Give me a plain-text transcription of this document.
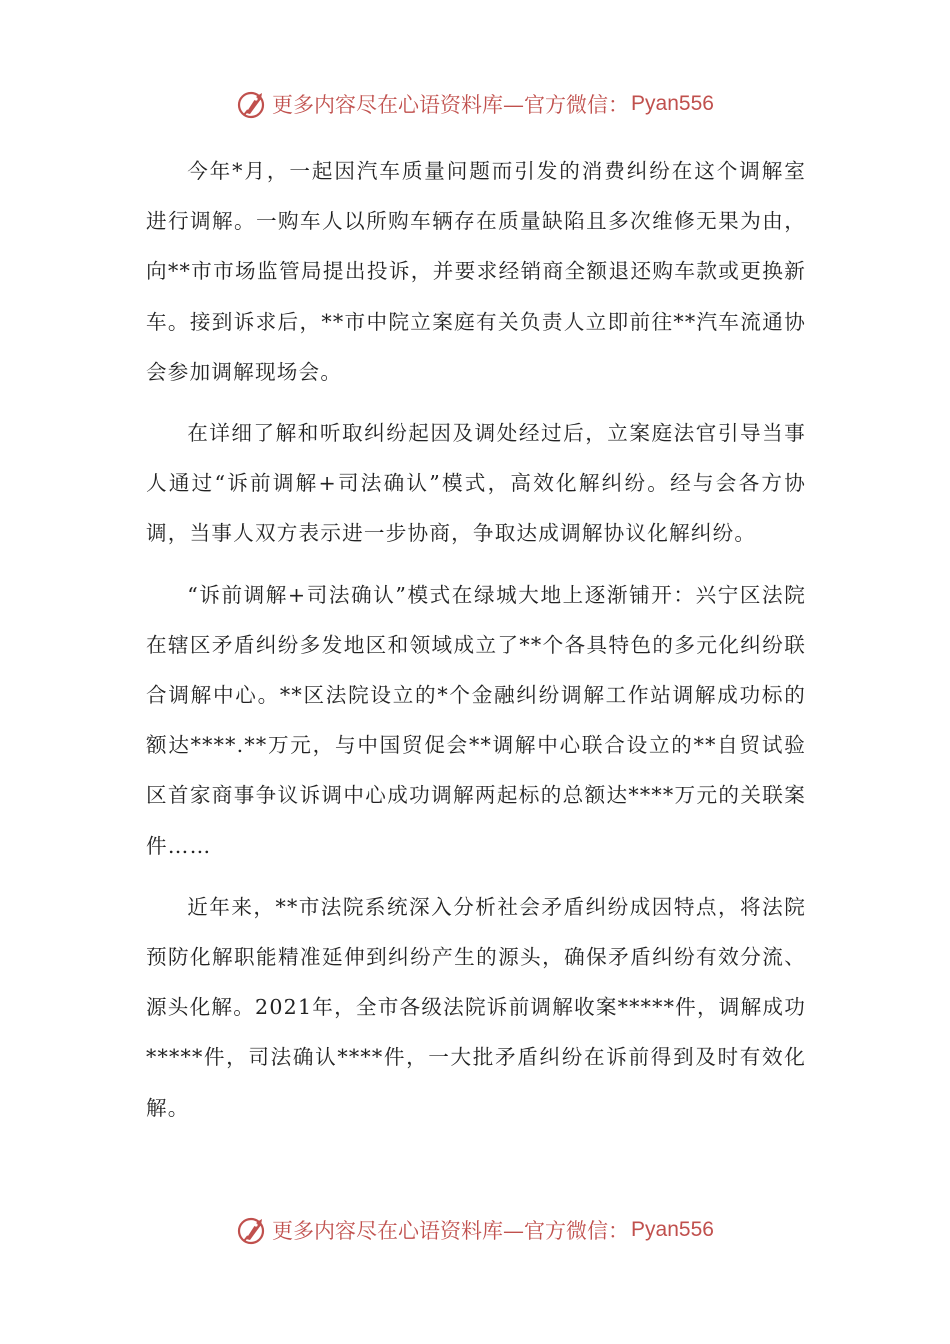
更多内容尽在心语资料库—官方微信： Pyan556

今年*月，一起因汽车质量问题而引发的消费纠纷在这个调解室进行调解。一购车人以所购车辆存在质量缺陷且多次维修无果为由，向**市市场监管局提出投诉，并要求经销商全额退还购车款或更换新车。接到诉求后，**市中院立案庭有关负责人立即前往**汽车流通协会参加调解现场会。

在详细了解和听取纠纷起因及调处经过后，立案庭法官引导当事人通过“诉前调解+司法确认”模式，高效化解纠纷。经与会各方协调，当事人双方表示进一步协商，争取达成调解协议化解纠纷。

“诉前调解+司法确认”模式在绿城大地上逐渐铺开：兴宁区法院在辖区矛盾纠纷多发地区和领域成立了**个各具特色的多元化纠纷联合调解中心。**区法院设立的*个金融纠纷调解工作站调解成功标的额达****.**万元，与中国贸促会**调解中心联合设立的**自贸试验区首家商事争议诉调中心成功调解两起标的总额达****万元的关联案件……

近年来，**市法院系统深入分析社会矛盾纠纷成因特点，将法院预防化解职能精准延伸到纠纷产生的源头，确保矛盾纠纷有效分流、源头化解。2021年，全市各级法院诉前调解收案*****件，调解成功*****件，司法确认****件，一大批矛盾纠纷在诉前得到及时有效化解。

更多内容尽在心语资料库—官方微信： Pyan556
